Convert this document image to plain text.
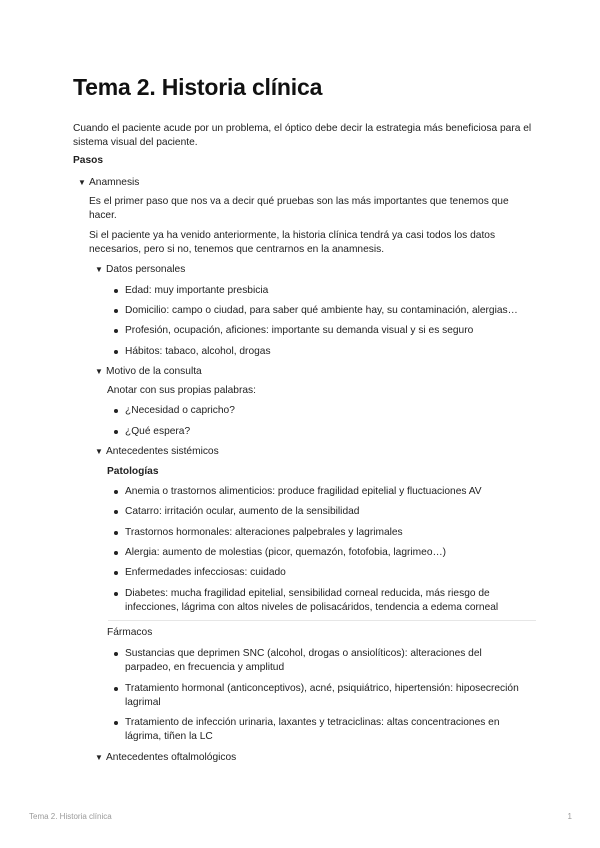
Tema 2. Historia clínica

Cuando el paciente acude por un problema, el óptico debe decir la estrategia más beneficiosa para el sistema visual del paciente.

Pasos

▼ Anamnesis

Es el primer paso que nos va a decir qué pruebas son las más importantes que tenemos que hacer.

Si el paciente ya ha venido anteriormente, la historia clínica tendrá ya casi todos los datos necesarios, pero si no, tenemos que centrarnos en la anamnesis.

▼ Datos personales
Edad: muy importante presbicia
Domicilio: campo o ciudad, para saber qué ambiente hay, su contaminación, alergias…
Profesión, ocupación, aficiones: importante su demanda visual y si es seguro
Hábitos: tabaco, alcohol, drogas
▼ Motivo de la consulta

Anotar con sus propias palabras:

¿Necesidad o capricho?
¿Qué espera?
▼ Antecedentes sistémicos

Patologías

Anemia o trastornos alimenticios: produce fragilidad epitelial y fluctuaciones AV
Catarro: irritación ocular, aumento de la sensibilidad
Trastornos hormonales: alteraciones palpebrales y lagrimales
Alergia: aumento de molestias (picor, quemazón, fotofobia, lagrimeo…)
Enfermedades infecciosas: cuidado
Diabetes: mucha fragilidad epitelial, sensibilidad corneal reducida, más riesgo de infecciones, lágrima con altos niveles de polisacáridos, tendencia a edema corneal

Fármacos

Sustancias que deprimen SNC (alcohol, drogas o ansiolíticos): alteraciones del parpadeo, en frecuencia y amplitud
Tratamiento hormonal (anticonceptivos), acné, psiquiátrico, hipertensión: hiposecreción lagrimal
Tratamiento de infección urinaria, laxantes y tetraciclinas: altas concentraciones en lágrima, tiñen la LC
▼ Antecedentes oftalmológicos
Tema 2. Historia clínica	1
